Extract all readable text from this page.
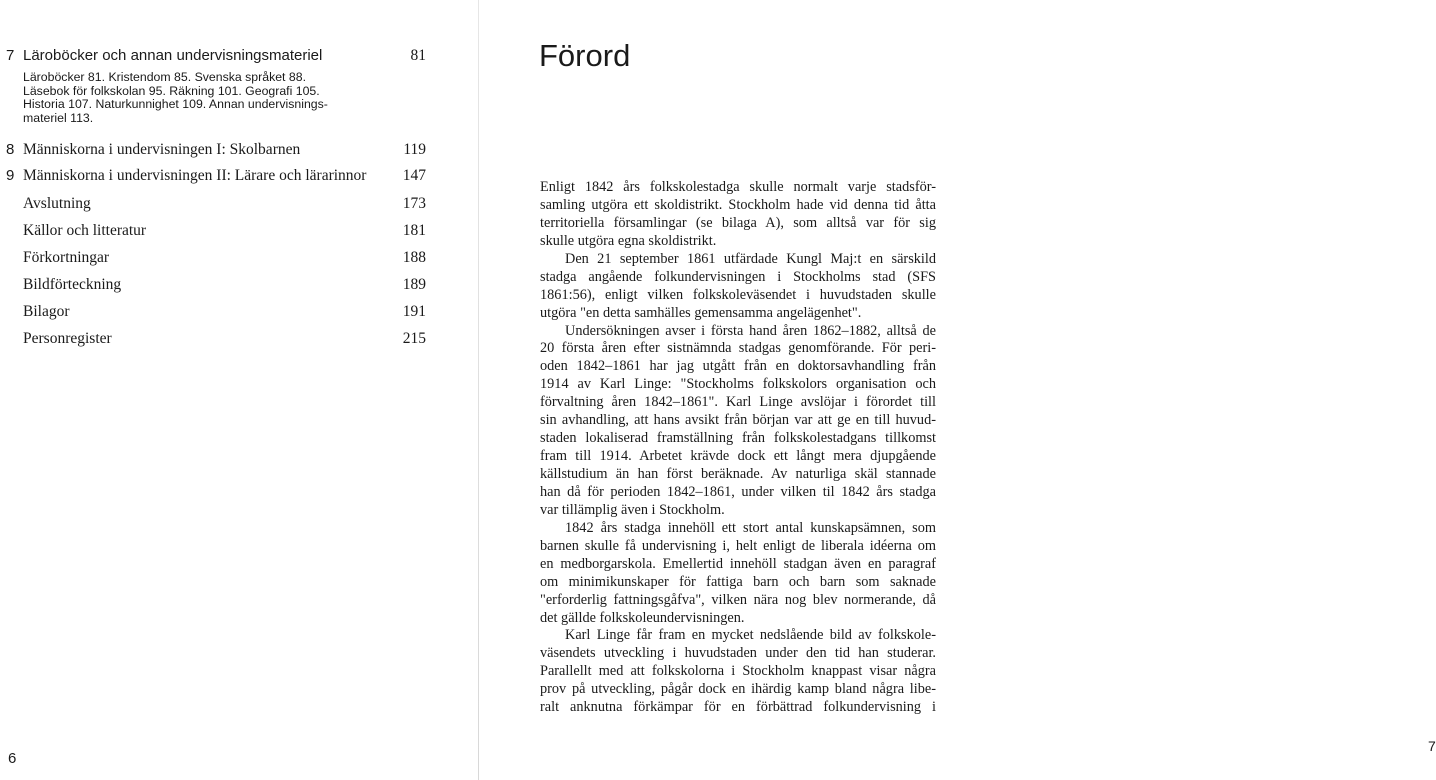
7 Läroböcker och annan undervisningsmateriel	81
Läroböcker 81. Kristendom 85. Svenska språket 88.
Läsebok för folkskolan 95. Räkning 101. Geografi 105.
Historia 107. Naturkunnighet 109. Annan undervisnings-
materiel 113.
8 Människorna i undervisningen I: Skolbarnen	119
9 Människorna i undervisningen II: Lärare och lärarinnor	147
Avslutning	173
Källor och litteratur	181
Förkortningar	188
Bildförteckning	189
Bilagor	191
Personregister	215
6
Förord
Enligt 1842 års folkskolestadga skulle normalt varje stadsför-
samling utgöra ett skoldistrikt. Stockholm hade vid denna tid åtta
territoriella församlingar (se bilaga A), som alltså var för sig
skulle utgöra egna skoldistrikt.
Den 21 september 1861 utfärdade Kungl Maj:t en särskild
stadga angående folkundervisningen i Stockholms stad (SFS
1861:56), enligt vilken folkskoleväsendet i huvudstaden skulle
utgöra "en detta samhälles gemensamma angelägenhet".
Undersökningen avser i första hand åren 1862–1882, alltså de
20 första åren efter sistnämnda stadgas genomförande. För peri-
oden 1842–1861 har jag utgått från en doktorsavhandling från
1914 av Karl Linge: "Stockholms folkskolors organisation och
förvaltning åren 1842–1861". Karl Linge avslöjar i förordet till
sin avhandling, att hans avsikt från början var att ge en till huvud-
staden lokaliserad framställning från folkskolestadgans tillkomst
fram till 1914. Arbetet krävde dock ett långt mera djupgående
källstudium än han först beräknade. Av naturliga skäl stannade
han då för perioden 1842–1861, under vilken til 1842 års stadga
var tillämplig även i Stockholm.
1842 års stadga innehöll ett stort antal kunskapsämnen, som
barnen skulle få undervisning i, helt enligt de liberala idéerna om
en medborgarskola. Emellertid innehöll stadgan även en paragraf
om minimikunskaper för fattiga barn och barn som saknade
"erforderlig fattningsgåfva", vilken nära nog blev normerande, då
det gällde folkskoleundervisningen.
Karl Linge får fram en mycket nedslående bild av folkskole-
väsendets utveckling i huvudstaden under den tid han studerar.
Parallellt med att folkskolorna i Stockholm knappast visar några
prov på utveckling, pågår dock en ihärdig kamp bland några libe-
ralt anknutna förkämpar för en förbättrad folkundervisning i
7
